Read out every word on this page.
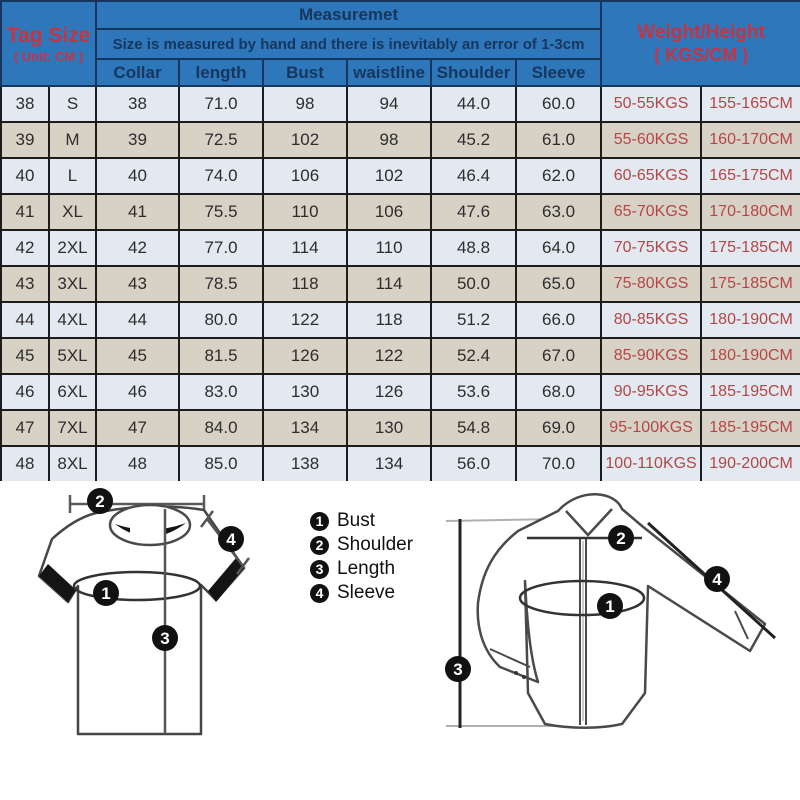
Tag Size
( Unit: CM )
	Measuremet	
Weight/Height
( KGS/CM )

		Size is measured by hand and there is inevitably an error of 1-3cm							
		Collar	length	Bust	waistline	Shoulder	Sleeve		
38	S	38	71.0	98	94	44.0	60.0	50-55KGS	155-165CM
39	M	39	72.5	102	98	45.2	61.0	55-60KGS	160-170CM
40	L	40	74.0	106	102	46.4	62.0	60-65KGS	165-175CM
41	XL	41	75.5	110	106	47.6	63.0	65-70KGS	170-180CM
42	2XL	42	77.0	114	110	48.8	64.0	70-75KGS	175-185CM
43	3XL	43	78.5	118	114	50.0	65.0	75-80KGS	175-185CM
44	4XL	44	80.0	122	118	51.2	66.0	80-85KGS	180-190CM
45	5XL	45	81.5	126	122	52.4	67.0	85-90KGS	180-190CM
46	6XL	46	83.0	130	126	53.6	68.0	90-95KGS	185-195CM
47	7XL	47	84.0	134	130	54.8	69.0	95-100KGS	185-195CM
48	8XL	48	85.0	138	134	56.0	70.0	100-110KGS	190-200CM
1 Bust
2 Shoulder
3 Length
4 Sleeve
2
4
1
3
2
4
1
3
